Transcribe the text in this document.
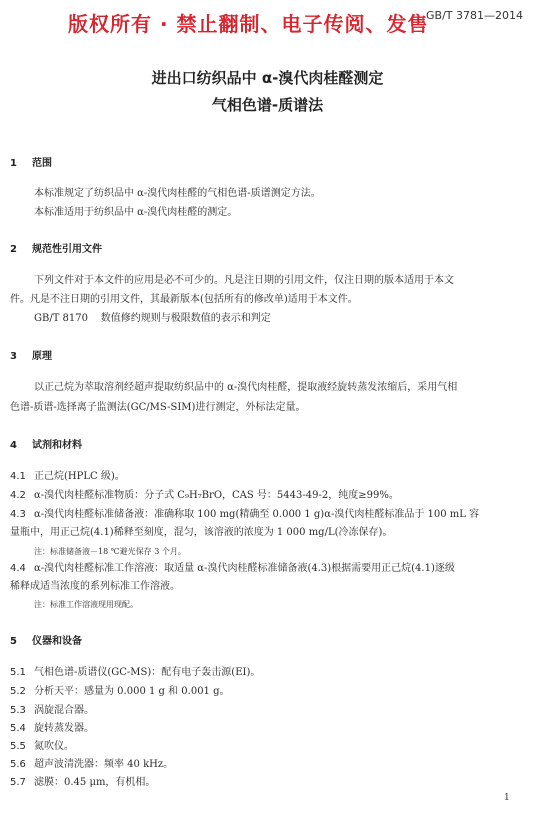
版权所有 · 禁止翻制、电子传阅、发售
GB/T 3781—2014
进出口纺织品中 α-溴代肉桂醛测定
气相色谱-质谱法
1 范围
本标准规定了纺织品中 α-溴代肉桂醛的气相色谱-质谱测定方法。
本标准适用于纺织品中 α-溴代肉桂醛的测定。
2 规范性引用文件
下列文件对于本文件的应用是必不可少的。凡是注日期的引用文件，仅注日期的版本适用于本文
件。凡是不注日期的引用文件，其最新版本(包括所有的修改单)适用于本文件。
GB/T 8170 数值修约规则与极限数值的表示和判定
3 原理
以正己烷为萃取溶剂经超声提取纺织品中的 α-溴代肉桂醛，提取液经旋转蒸发浓缩后，采用气相
色谱-质谱-选择离子监测法(GC/MS-SIM)进行测定，外标法定量。
4 试剂和材料
4.1 正己烷(HPLC 级)。
4.2 α-溴代肉桂醛标准物质：分子式 C₉H₇BrO，CAS 号：5443-49-2，纯度≥99%。
4.3 α-溴代肉桂醛标准储备液：准确称取 100 mg(精确至 0.000 1 g)α-溴代肉桂醛标准品于 100 mL 容
量瓶中，用正己烷(4.1)稀释至刻度，混匀，该溶液的浓度为 1 000 mg/L(冷冻保存)。
注：标准储备液－18 ℃避光保存 3 个月。
4.4 α-溴代肉桂醛标准工作溶液：取适量 α-溴代肉桂醛标准储备液(4.3)根据需要用正己烷(4.1)逐级
稀释成适当浓度的系列标准工作溶液。
注：标准工作溶液现用现配。
5 仪器和设备
5.1 气相色谱-质谱仪(GC-MS)：配有电子轰击源(EI)。
5.2 分析天平：感量为 0.000 1 g 和 0.001 g。
5.3 涡旋混合器。
5.4 旋转蒸发器。
5.5 氮吹仪。
5.6 超声波清洗器：频率 40 kHz。
5.7 滤膜：0.45 μm，有机相。
1
